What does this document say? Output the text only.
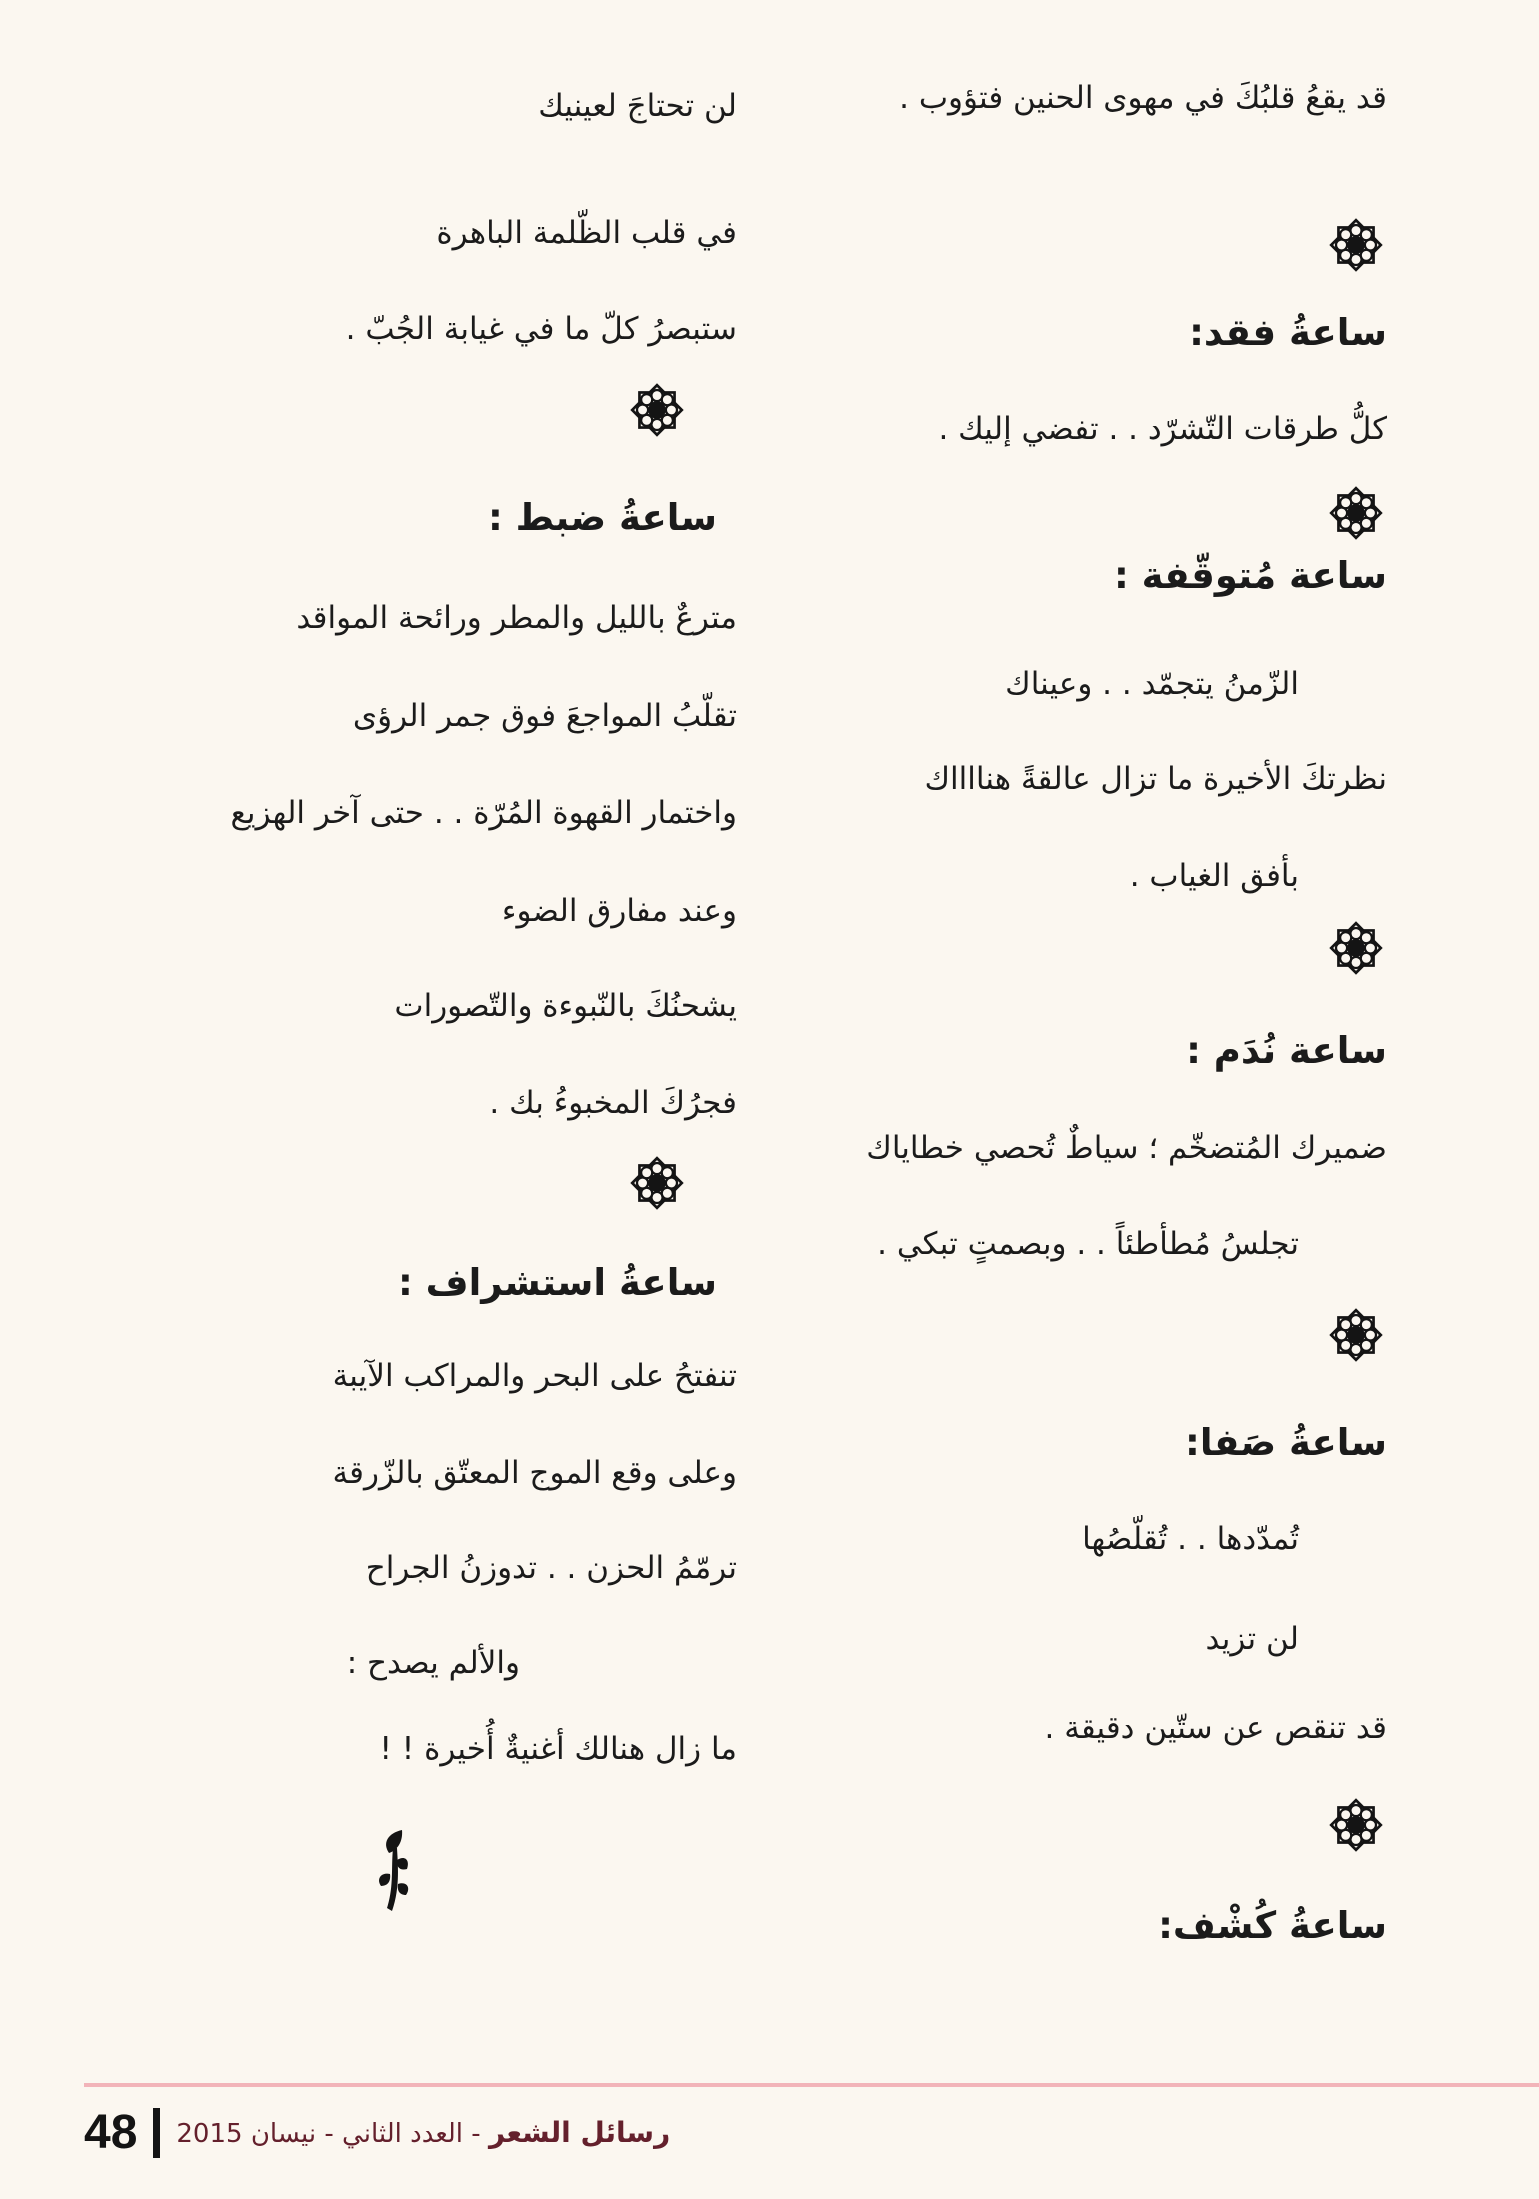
قد يقعُ قلبُكَ في مهوى الحنين فتؤوب .
ساعةُ فقد:
كلُّ طرقات التّشرّد . . تفضي إليك .
ساعة مُتوقّفة :
الزّمنُ يتجمّد . . وعيناك
نظرتكَ الأخيرة ما تزال عالقةً هنااااك
بأفق الغياب .
ساعة نُدَم :
ضميرك المُتضخّم ؛ سياطٌ تُحصي خطاياك
تجلسُ مُطأطئاً . . وبصمتٍ تبكي .
ساعةُ صَفا:
تُمدّدها . . تُقلّصُها
لن تزيد
قد تنقص عن ستّين دقيقة .
ساعةُ كُشْف:
لن تحتاجَ لعينيك
في قلب الظّلمة الباهرة
ستبصرُ كلّ ما في غيابة الجُبّ .
ساعةُ ضبط :
مترعٌ بالليل والمطر ورائحة المواقد
تقلّبُ المواجعَ فوق جمر الرؤى
واختمار القهوة المُرّة . . حتى آخر الهزيع
وعند مفارق الضوء
يشحنُكَ بالنّبوءة والتّصورات
فجرُكَ المخبوءُ بك .
ساعةُ استشراف :
تنفتحُ على البحر والمراكب الآيبة
وعلى وقع الموج المعتّق بالزّرقة
ترمّمُ الحزن . . تدوزنُ الجراح
والألم يصدح :
ما زال هنالك أغنيةٌ أُخيرة ! !
48	رسائل الشعر - العدد الثاني - نيسان 2015
